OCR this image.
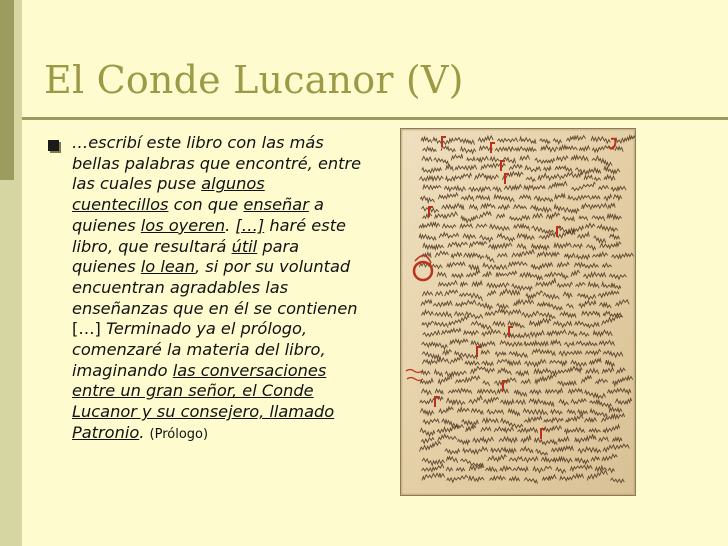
El Conde Lucanor (V)
…escribí este libro con las más bellas palabras que encontré, entre las cuales puse algunos cuentecillos con que enseñar a quienes los oyeren. […] haré este libro, que resultará útil para quienes lo lean, si por su voluntad encuentran agradables las enseñanzas que en él se contienen […] Terminado ya el prólogo, comenzaré la materia del libro, imaginando las conversaciones entre un gran señor, el Conde Lucanor y su consejero, llamado Patronio. (Prólogo)
